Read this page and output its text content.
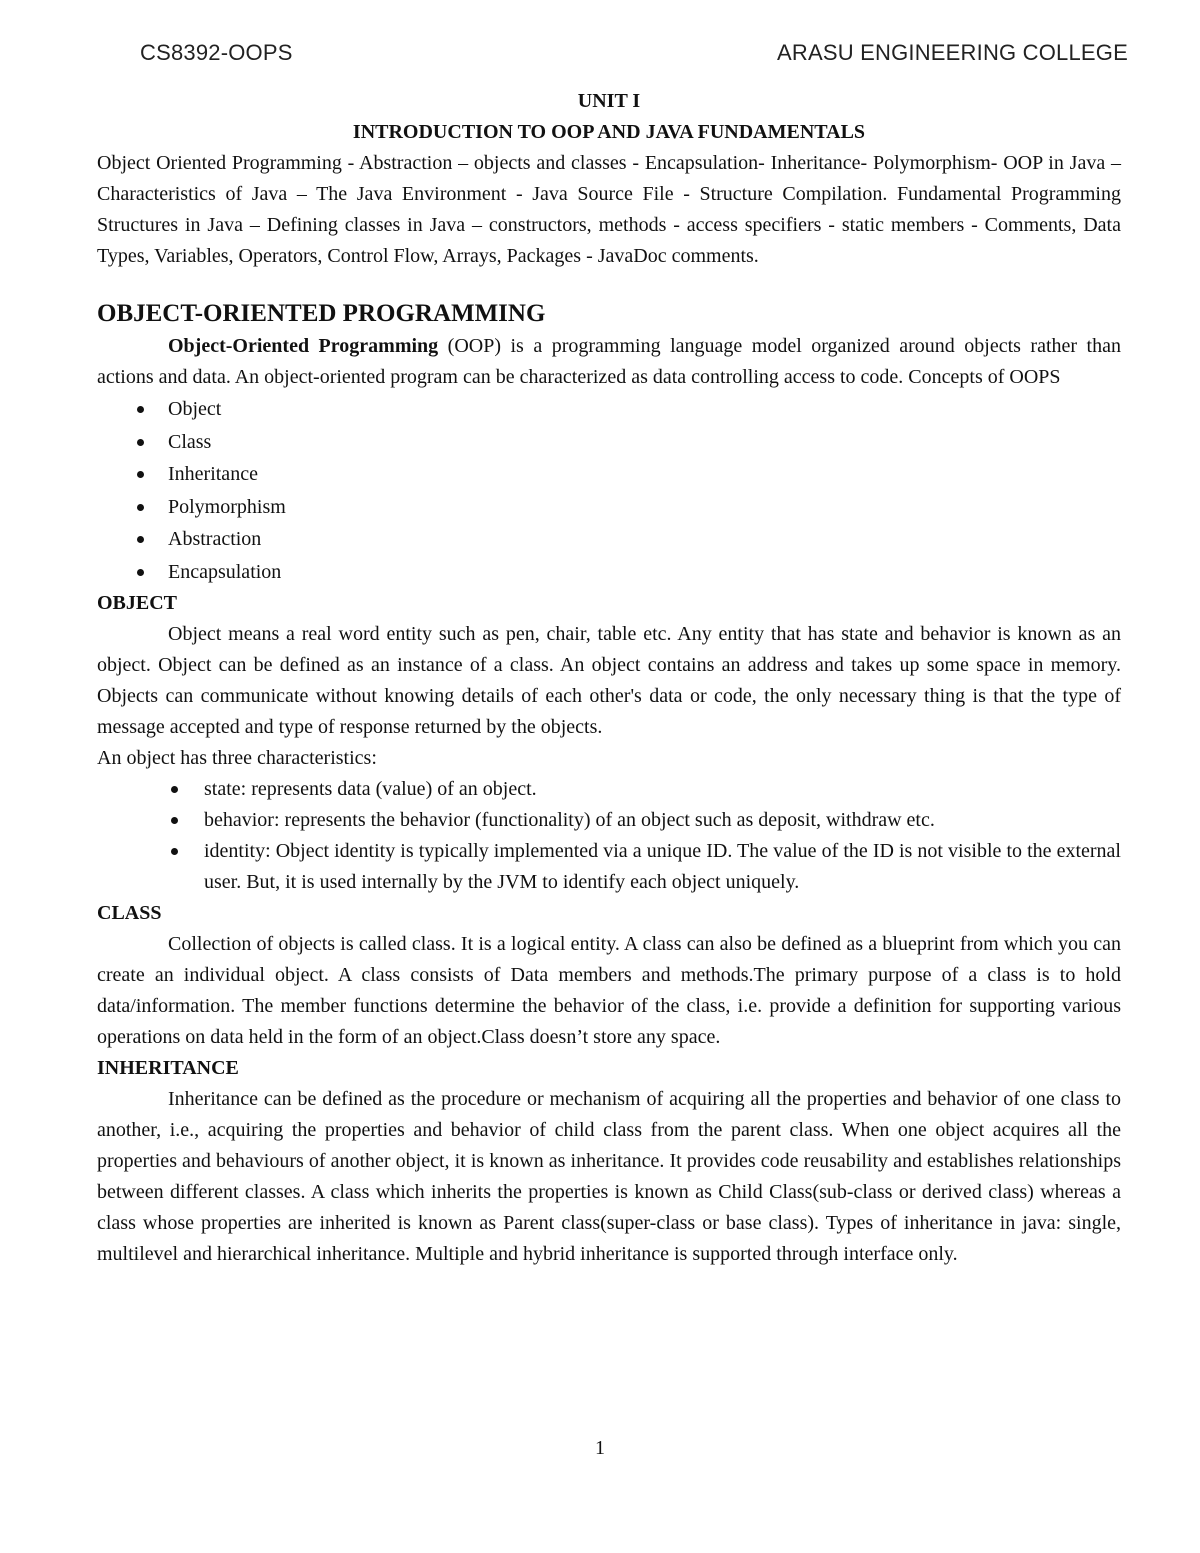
CS8392-OOPS	ARASU ENGINEERING COLLEGE
UNIT I
INTRODUCTION TO OOP AND JAVA FUNDAMENTALS

Object Oriented Programming - Abstraction – objects and classes - Encapsulation- Inheritance- Polymorphism- OOP in Java – Characteristics of Java – The Java Environment - Java Source File - Structure Compilation. Fundamental Programming Structures in Java – Defining classes in Java – constructors, methods - access specifiers - static members - Comments, Data Types, Variables, Operators, Control Flow, Arrays, Packages - JavaDoc comments.

OBJECT-ORIENTED PROGRAMMING

Object-Oriented Programming (OOP) is a programming language model organized around objects rather than actions and data. An object-oriented program can be characterized as data controlling access to code. Concepts of OOPS

Object
Class
Inheritance
Polymorphism
Abstraction
Encapsulation
OBJECT

Object means a real word entity such as pen, chair, table etc. Any entity that has state and behavior is known as an object. Object can be defined as an instance of a class. An object contains an address and takes up some space in memory. Objects can communicate without knowing details of each other's data or code, the only necessary thing is that the type of message accepted and type of response returned by the objects.

An object has three characteristics:

state: represents data (value) of an object.
behavior: represents the behavior (functionality) of an object such as deposit, withdraw etc.
identity: Object identity is typically implemented via a unique ID. The value of the ID is not visible to the external user. But, it is used internally by the JVM to identify each object uniquely.
CLASS

Collection of objects is called class. It is a logical entity. A class can also be defined as a blueprint from which you can create an individual object. A class consists of Data members and methods.The primary purpose of a class is to hold data/information. The member functions determine the behavior of the class, i.e. provide a definition for supporting various operations on data held in the form of an object.Class doesn’t store any space.

INHERITANCE

Inheritance can be defined as the procedure or mechanism of acquiring all the properties and behavior of one class to another, i.e., acquiring the properties and behavior of child class from the parent class. When one object acquires all the properties and behaviours of another object, it is known as inheritance. It provides code reusability and establishes relationships between different classes. A class which inherits the properties is known as Child Class(sub-class or derived class) whereas a class whose properties are inherited is known as Parent class(super-class or base class). Types of inheritance in java: single, multilevel and hierarchical inheritance. Multiple and hybrid inheritance is supported through interface only.

1
